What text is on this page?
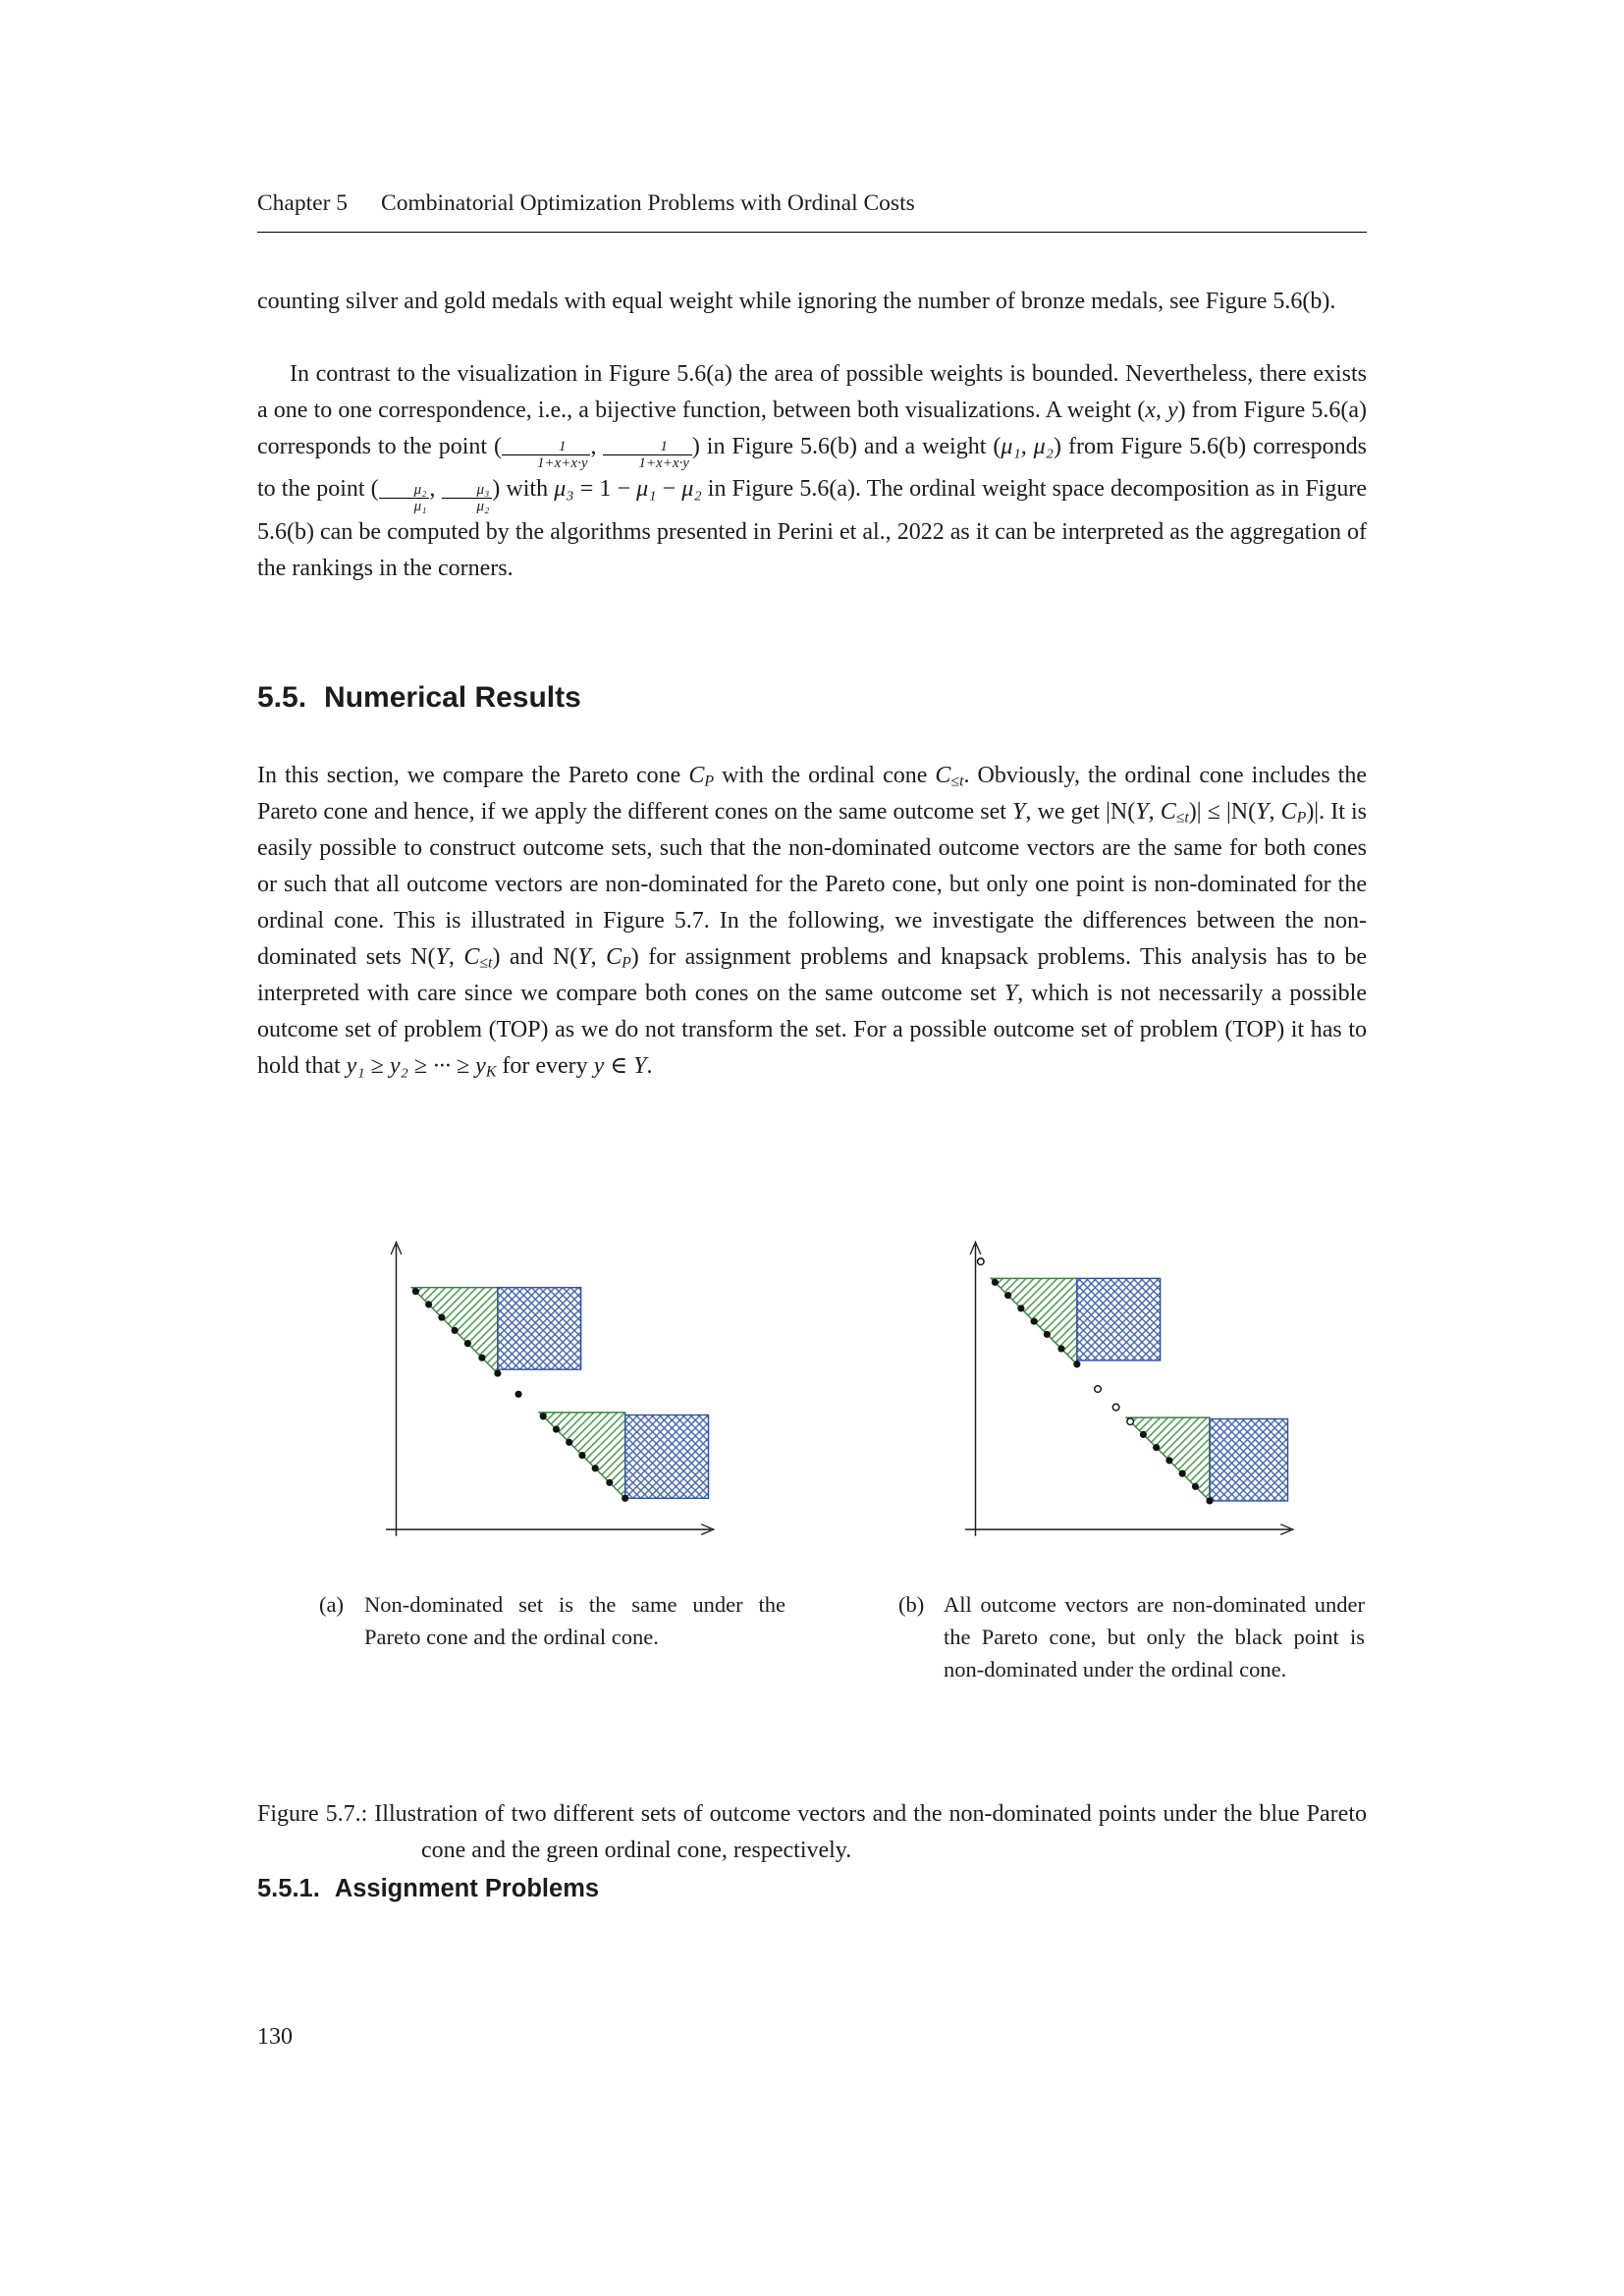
Chapter 5 Combinatorial Optimization Problems with Ordinal Costs

counting silver and gold medals with equal weight while ignoring the number of bronze medals, see Figure 5.6(b).

In contrast to the visualization in Figure 5.6(a) the area of possible weights is bounded. Nevertheless, there exists a one to one correspondence, i.e., a bijective function, between both visualizations. A weight (x, y) from Figure 5.6(a) corresponds to the point ( $\frac{1}{1+x+x\cdot y}$ , $\frac{1}{1+x+x\cdot y}$ ) in Figure 5.6(b) and a weight (μ₁, μ₂) from Figure 5.6(b) corresponds to the point ( $\frac{\text{μ₂}}{\text{μ₁}}$ , $\frac{\text{μ₃}}{\text{μ₂}}$ ) with μ₃ = 1 − μ₁ − μ₂ in Figure 5.6(a). The ordinal weight space decomposition as in Figure 5.6(b) can be computed by the algorithms presented in Perini et al., 2022 as it can be interpreted as the aggregation of the rankings in the corners.

5.5. Numerical Results

In this section, we compare the Pareto cone $C_P$ with the ordinal cone $C_{\le t}$. Obviously, the ordinal cone includes the Pareto cone and hence, if we apply the different cones on the same outcome set Y, we get |N(Y, $C_{\le t})| \le |N(Y$, $C_P)|$. It is easily possible to construct outcome sets, such that the non-dominated outcome vectors are the same for both cones or such that all outcome vectors are non-dominated for the Pareto cone, but only one point is non-dominated for the ordinal cone. This is illustrated in Figure 5.7. In the following, we investigate the differences between the non-dominated sets N(Y, $C_{\le t}$) and N(Y, $C_P$) for assignment problems and knapsack problems. This analysis has to be interpreted with care since we compare both cones on the same outcome set Y, which is not necessarily a possible outcome set of problem (TOP) as we do not transform the set. For a possible outcome set of problem (TOP) it has to hold that y₁ ≥ y₂ ≥ ··· ≥ $y_K$ for every y ∈ Y.

(a) Non-dominated set is the same under the Pareto cone and the ordinal cone.
(b) All outcome vectors are non-dominated under the Pareto cone, but only the black point is non-dominated under the ordinal cone.

Figure 5.7.: Illustration of two different sets of outcome vectors and the non-dominated points under the blue Pareto cone and the green ordinal cone, respectively.

5.5.1. Assignment Problems
130
